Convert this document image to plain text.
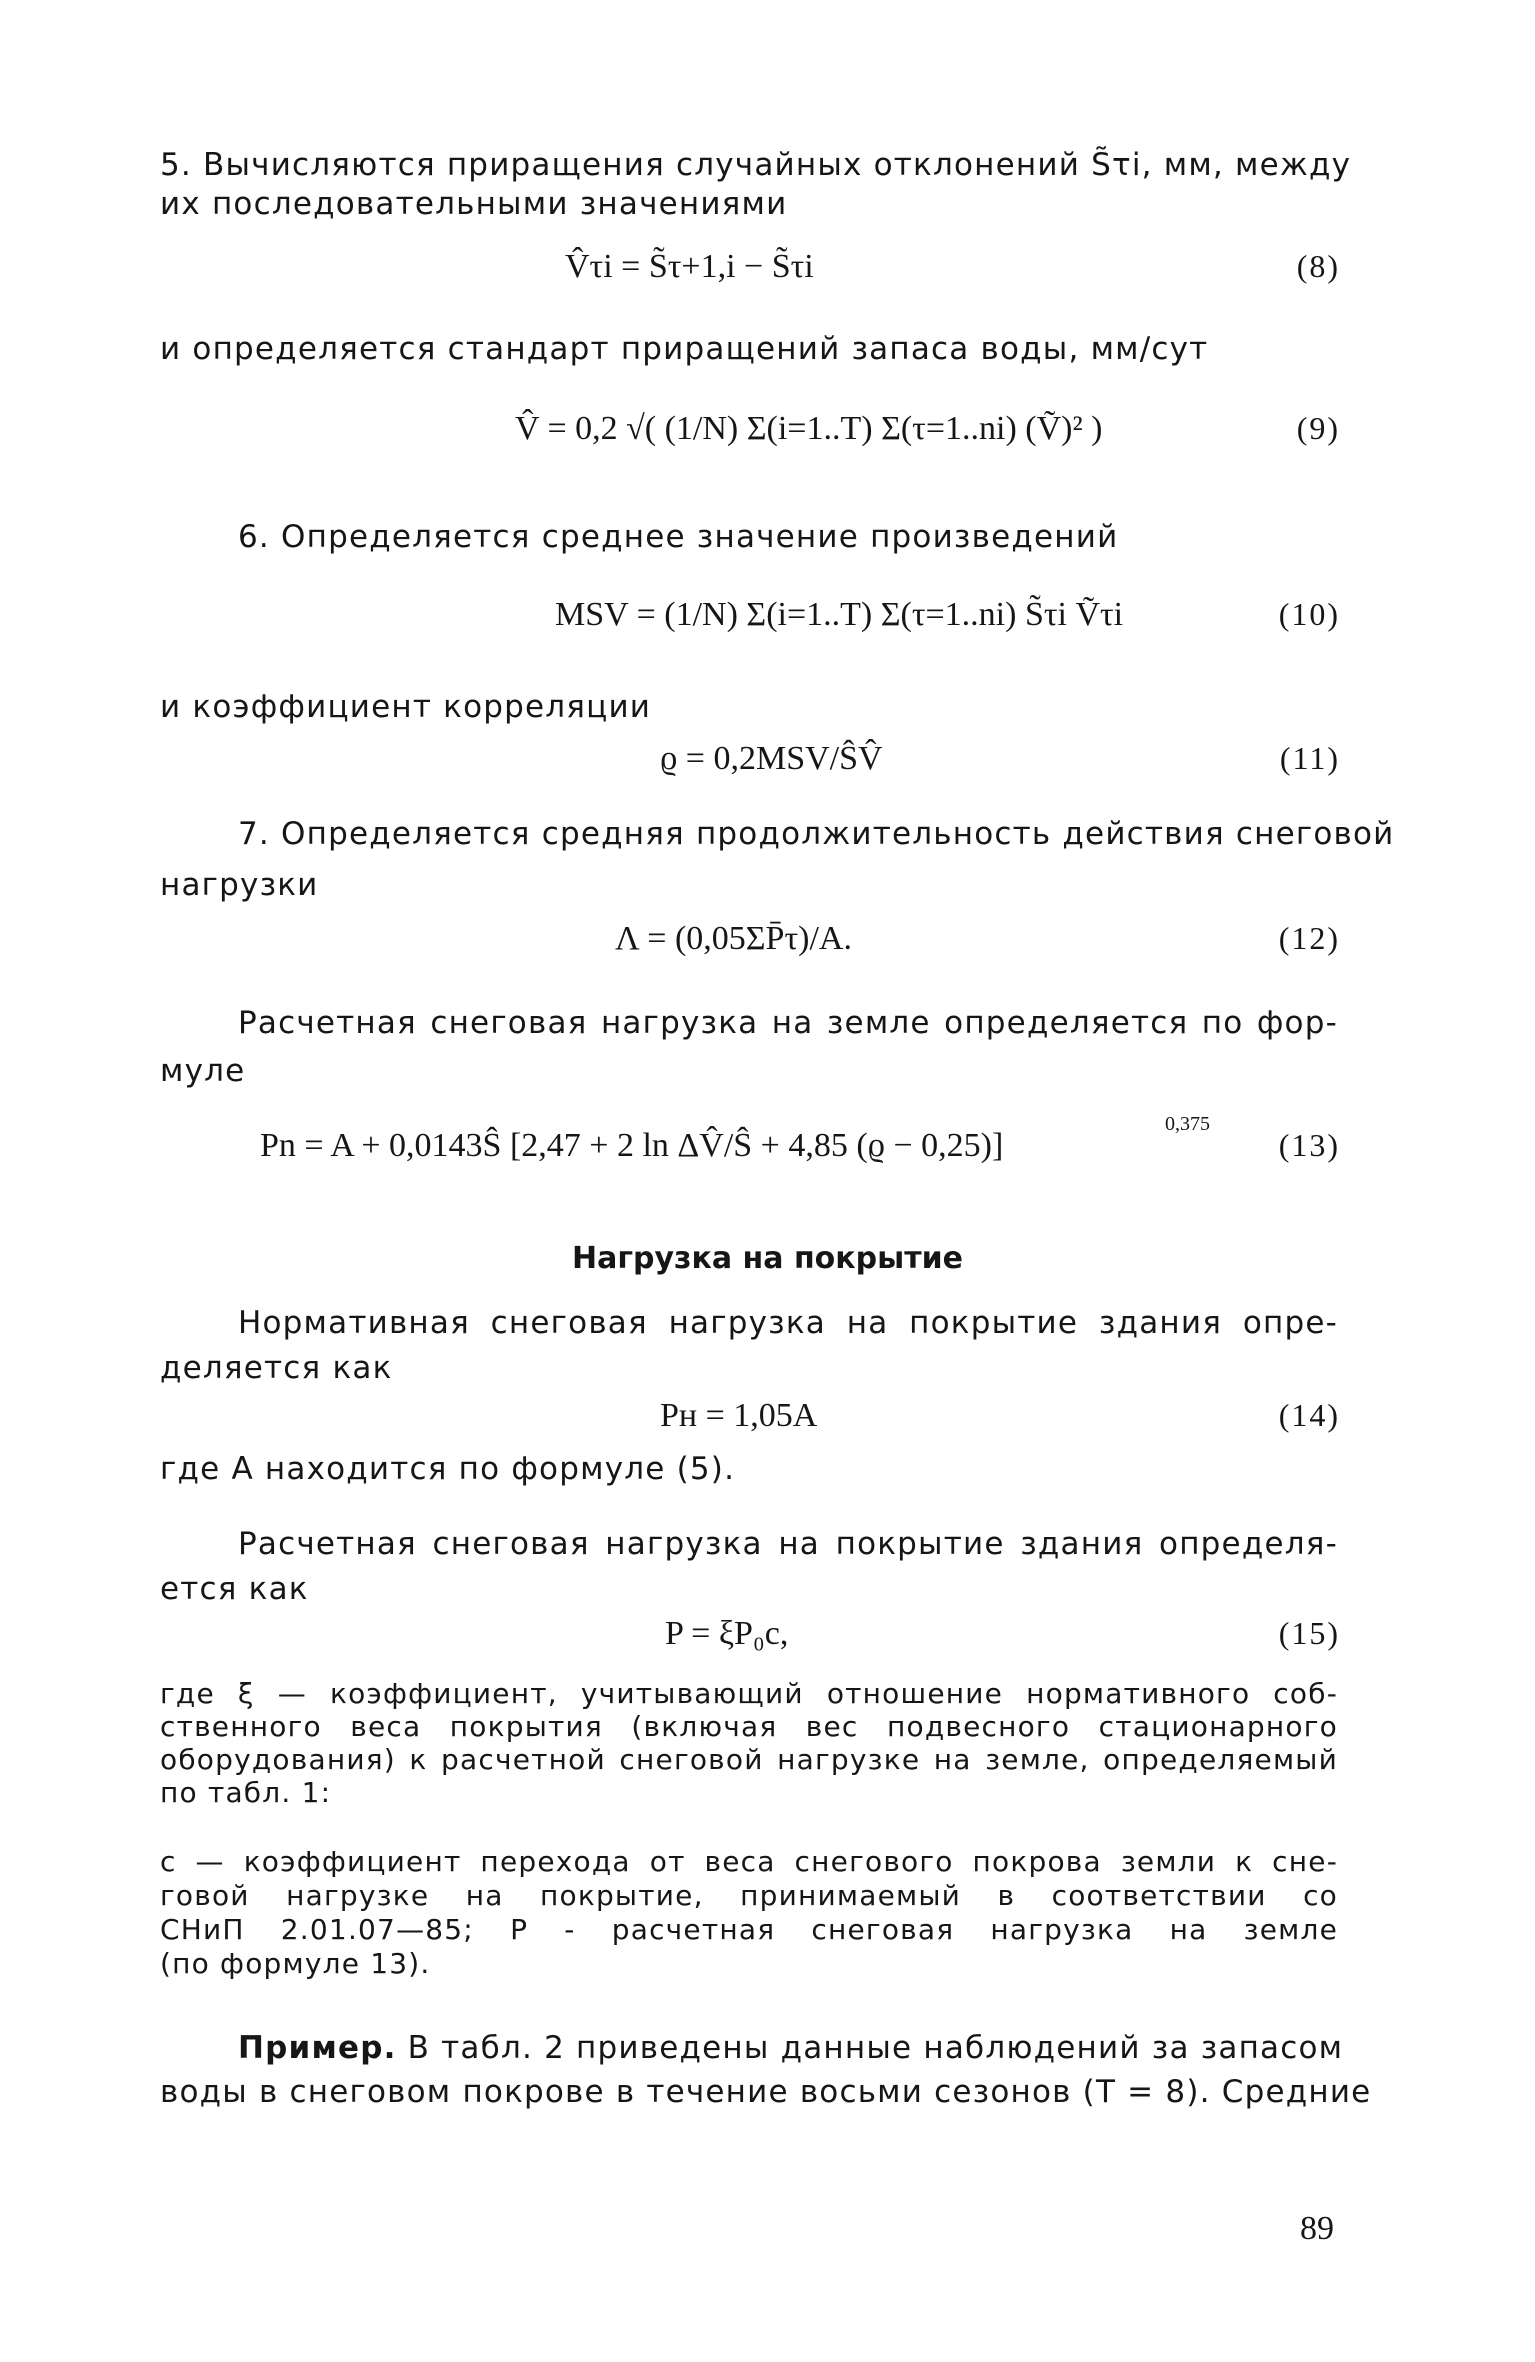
5. Вычисляются приращения случайных отклонений S̃τi, мм, между
их последовательными значениями
V̂τi = S̃τ+1,i − S̃τi	(8)
и определяется стандарт приращений запаса воды, мм/сут
V̂ = 0,2 √( (1/N) Σ(i=1..T) Σ(τ=1..ni) (Ṽ)² )	(9)
6. Определяется среднее значение произведений
MSV = (1/N) Σ(i=1..T) Σ(τ=1..ni) S̃τi Ṽτi	(10)
и коэффициент корреляции
ϱ = 0,2MSV/ŜV̂	(11)
7. Определяется средняя продолжительность действия снеговой
нагрузки
Λ = (0,05ΣP̄τ)/A.	(12)
Расчетная снеговая нагрузка на земле определяется по фор-
муле
Pn = A + 0,0143Ŝ [2,47 + 2 ln ΔV̂/Ŝ + 4,85 (ϱ − 0,25)]
0,375
(13)
Нагрузка на покрытие
Нормативная снеговая нагрузка на покрытие здания опре-
деляется как
Pн = 1,05A	(14)
где A находится по формуле (5).
Расчетная снеговая нагрузка на покрытие здания определя-
ется как
P = ξP₀c,	(15)
где ξ — коэффициент, учитывающий отношение нормативного соб-
ственного веса покрытия (включая вес подвесного стационарного
оборудования) к расчетной снеговой нагрузке на земле, определяемый
по табл. 1:
c — коэффициент перехода от веса снегового покрова земли к сне-
говой нагрузке на покрытие, принимаемый в соответствии со
СНиП 2.01.07—85; P - расчетная снеговая нагрузка на земле
(по формуле 13).
Пример. В табл. 2 приведены данные наблюдений за запасом
воды в снеговом покрове в течение восьми сезонов (T = 8). Средние
89
